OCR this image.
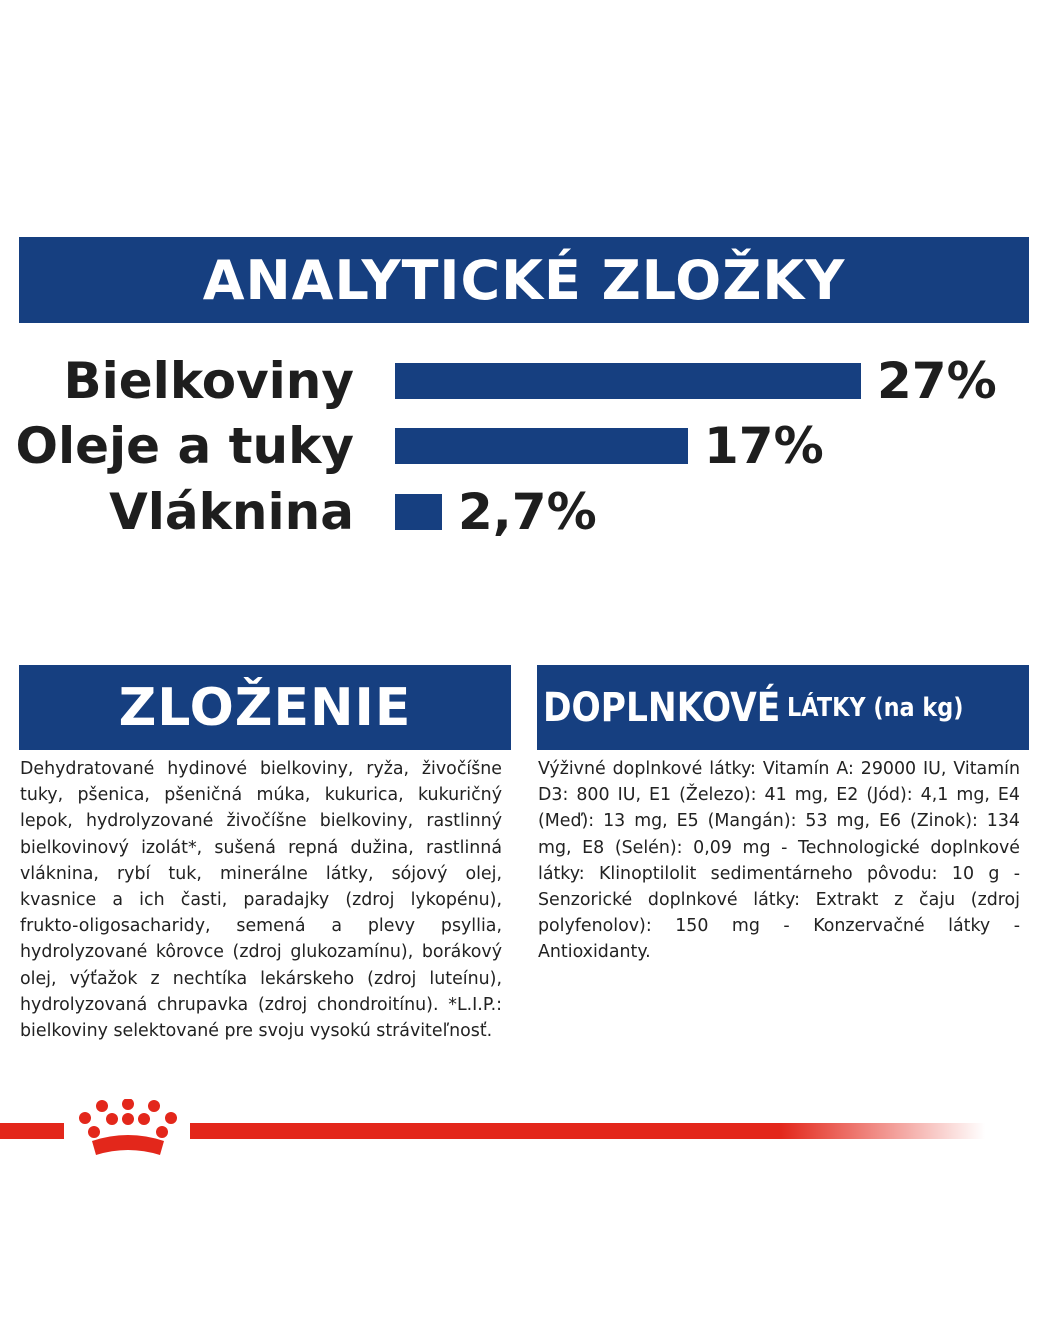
ANALYTICKÉ ZLOŽKY
Bielkoviny	27%
Oleje a tuky	17%
Vláknina 2,7%
ZLOŽENIE	DOPLNKOVÉ LÁTKY (na kg)
Dehydratované hydinové bielkoviny, ryža, živočíšne tuky, pšenica, pšeničná múka, kukurica, kukuričný lepok, hydrolyzované živočíšne bielkoviny, rastlinný bielkovinový izolát*, sušená repná dužina, rastlinná vláknina, rybí tuk, minerálne látky, sójový olej, kvasnice a ich časti, paradajky (zdroj lykopénu), frukto-oligosacharidy, semená a plevy psyllia, hydrolyzované kôrovce (zdroj glukozamínu), borákový olej, výťažok z nechtíka lekárskeho (zdroj luteínu), hydrolyzovaná chrupavka (zdroj chondroitínu). *L.I.P.: bielkoviny selektované pre svoju vysokú stráviteľnosť.
Výživné doplnkové látky: Vitamín A: 29000 IU, Vitamín D3: 800 IU, E1 (Železo): 41 mg, E2 (Jód): 4,1 mg, E4 (Meď): 13 mg, E5 (Mangán): 53 mg, E6 (Zinok): 134 mg, E8 (Selén): 0,09 mg - Technologické doplnkové látky: Klinoptilolit sedimentárneho pôvodu: 10 g - Senzorické doplnkové látky: Extrakt z čaju (zdroj polyfenolov): 150 mg - Konzervačné látky - Antioxidanty.
